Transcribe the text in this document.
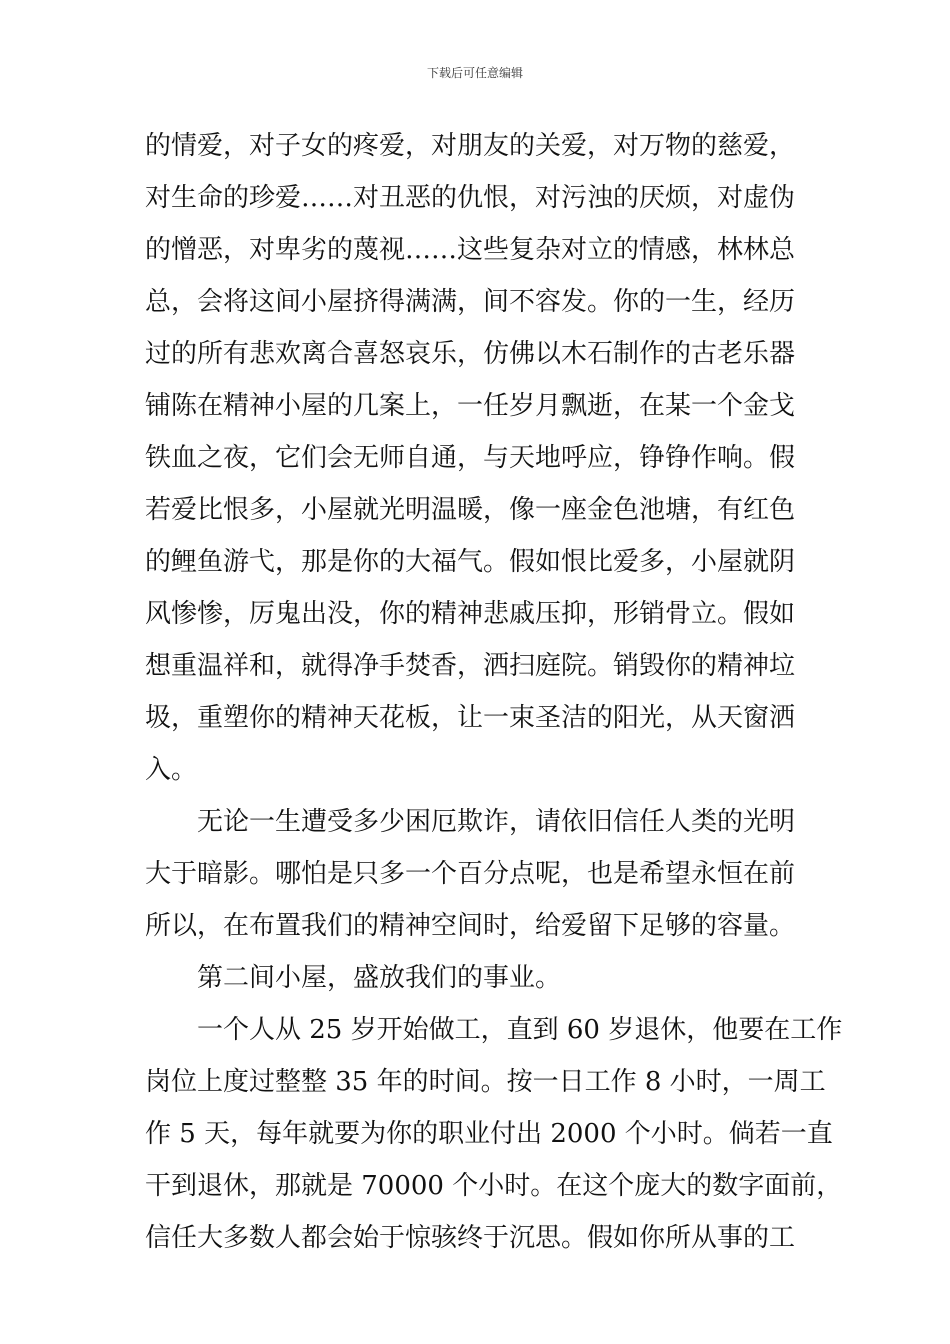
下载后可任意编辑
的情爱，对子女的疼爱，对朋友的关爱，对万物的慈爱，
对生命的珍爱……对丑恶的仇恨，对污浊的厌烦，对虚伪
的憎恶，对卑劣的蔑视……这些复杂对立的情感，林林总
总，会将这间小屋挤得满满，间不容发。你的一生，经历
过的所有悲欢离合喜怒哀乐，仿佛以木石制作的古老乐器
铺陈在精神小屋的几案上，一任岁月飘逝，在某一个金戈
铁血之夜，它们会无师自通，与天地呼应，铮铮作响。假
若爱比恨多，小屋就光明温暖，像一座金色池塘，有红色
的鲤鱼游弋，那是你的大福气。假如恨比爱多，小屋就阴
风惨惨，厉鬼出没，你的精神悲戚压抑，形销骨立。假如
想重温祥和，就得净手焚香，洒扫庭院。销毁你的精神垃
圾，重塑你的精神天花板，让一束圣洁的阳光，从天窗洒
入。
无论一生遭受多少困厄欺诈，请依旧信任人类的光明
大于暗影。哪怕是只多一个百分点呢，也是希望永恒在前
所以，在布置我们的精神空间时，给爱留下足够的容量。
第二间小屋，盛放我们的事业。
一个人从 25 岁开始做工，直到 60 岁退休，他要在工作
岗位上度过整整 35 年的时间。按一日工作 8 小时，一周工
作 5 天，每年就要为你的职业付出 2000 个小时。倘若一直
干到退休，那就是 70000 个小时。在这个庞大的数字面前，
信任大多数人都会始于惊骇终于沉思。假如你所从事的工
